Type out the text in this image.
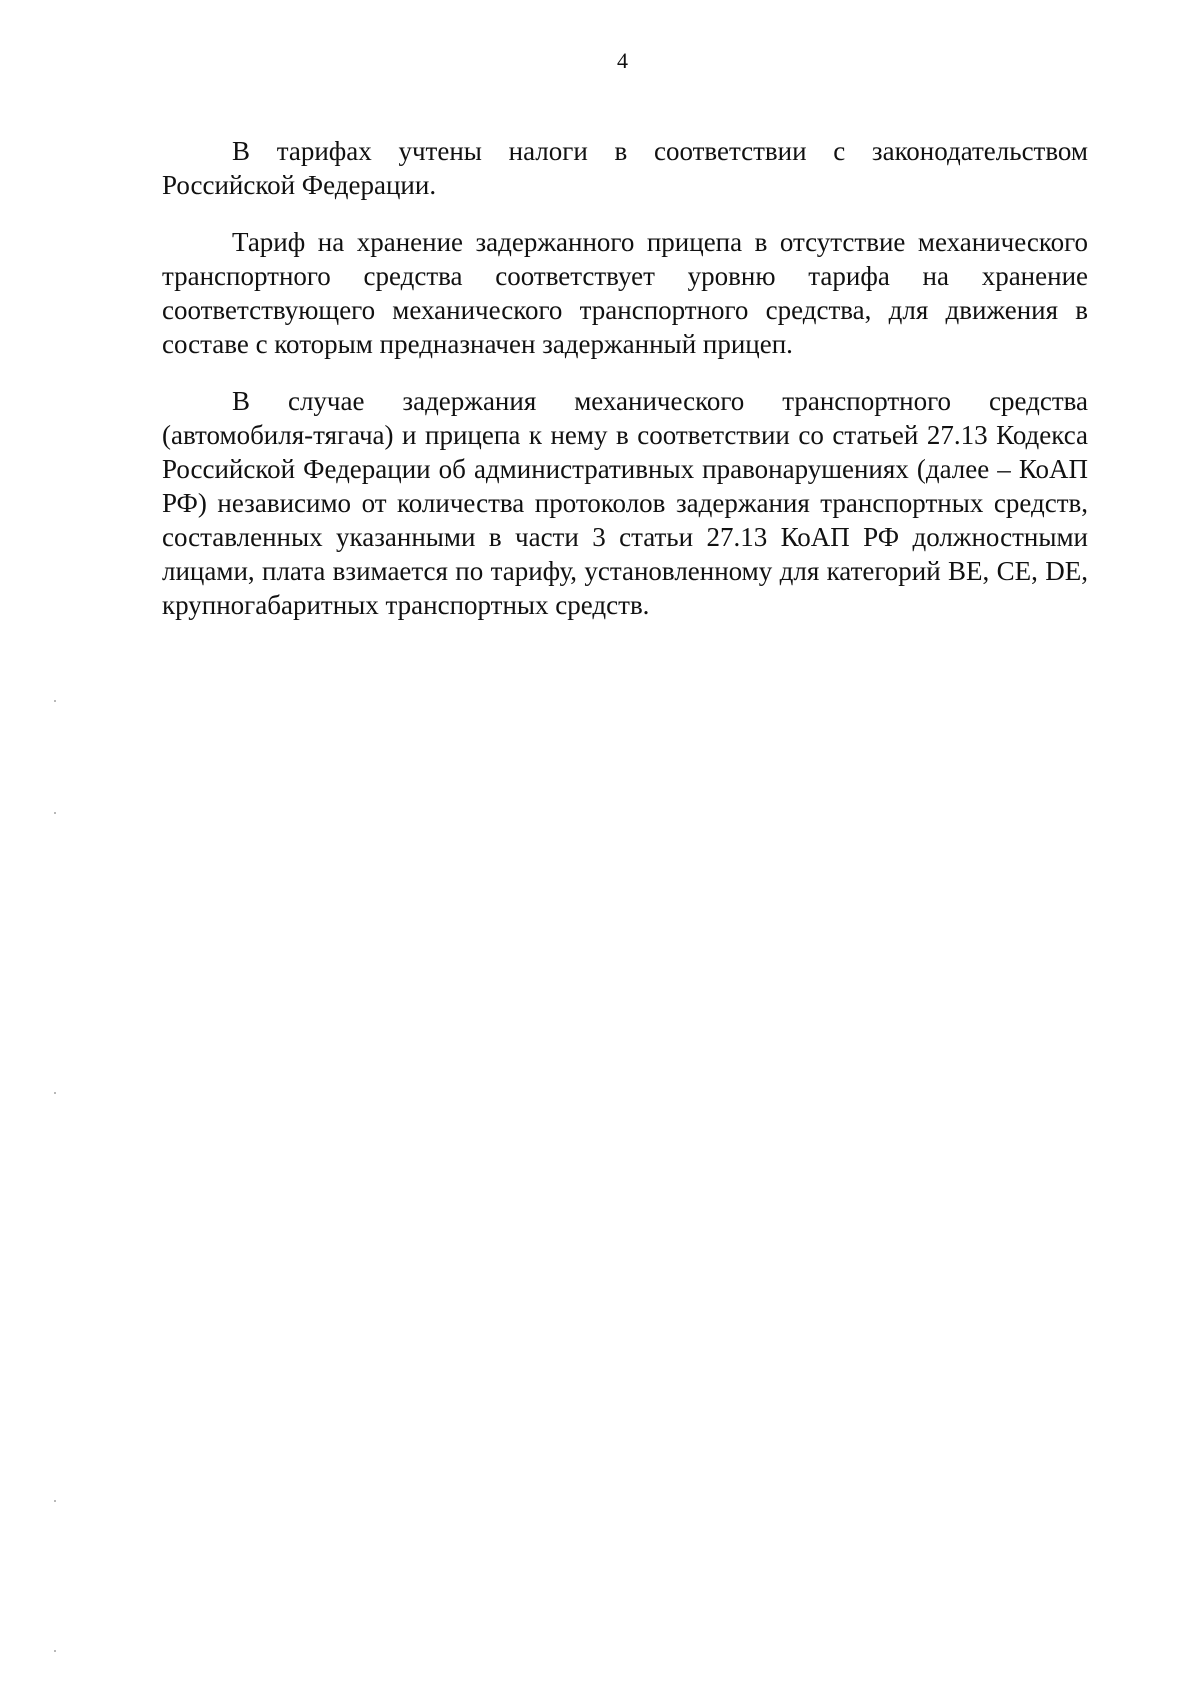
4

В тарифах учтены налоги в соответствии с законодательством Российской Федерации.

Тариф на хранение задержанного прицепа в отсутствие механического транспортного средства соответствует уровню тарифа на хранение соответствующего механического транспортного средства, для движения в составе с которым предназначен задержанный прицеп.

В случае задержания механического транспортного средства (автомобиля-тягача) и прицепа к нему в соответствии со статьей 27.13 Кодекса Российской Федерации об административных правонарушениях (далее – КоАП РФ) независимо от количества протоколов задержания транспортных средств, составленных указанными в части 3 статьи 27.13 КоАП РФ должностными лицами, плата взимается по тарифу, установленному для категорий BE, CE, DE, крупногабаритных транспортных средств.
